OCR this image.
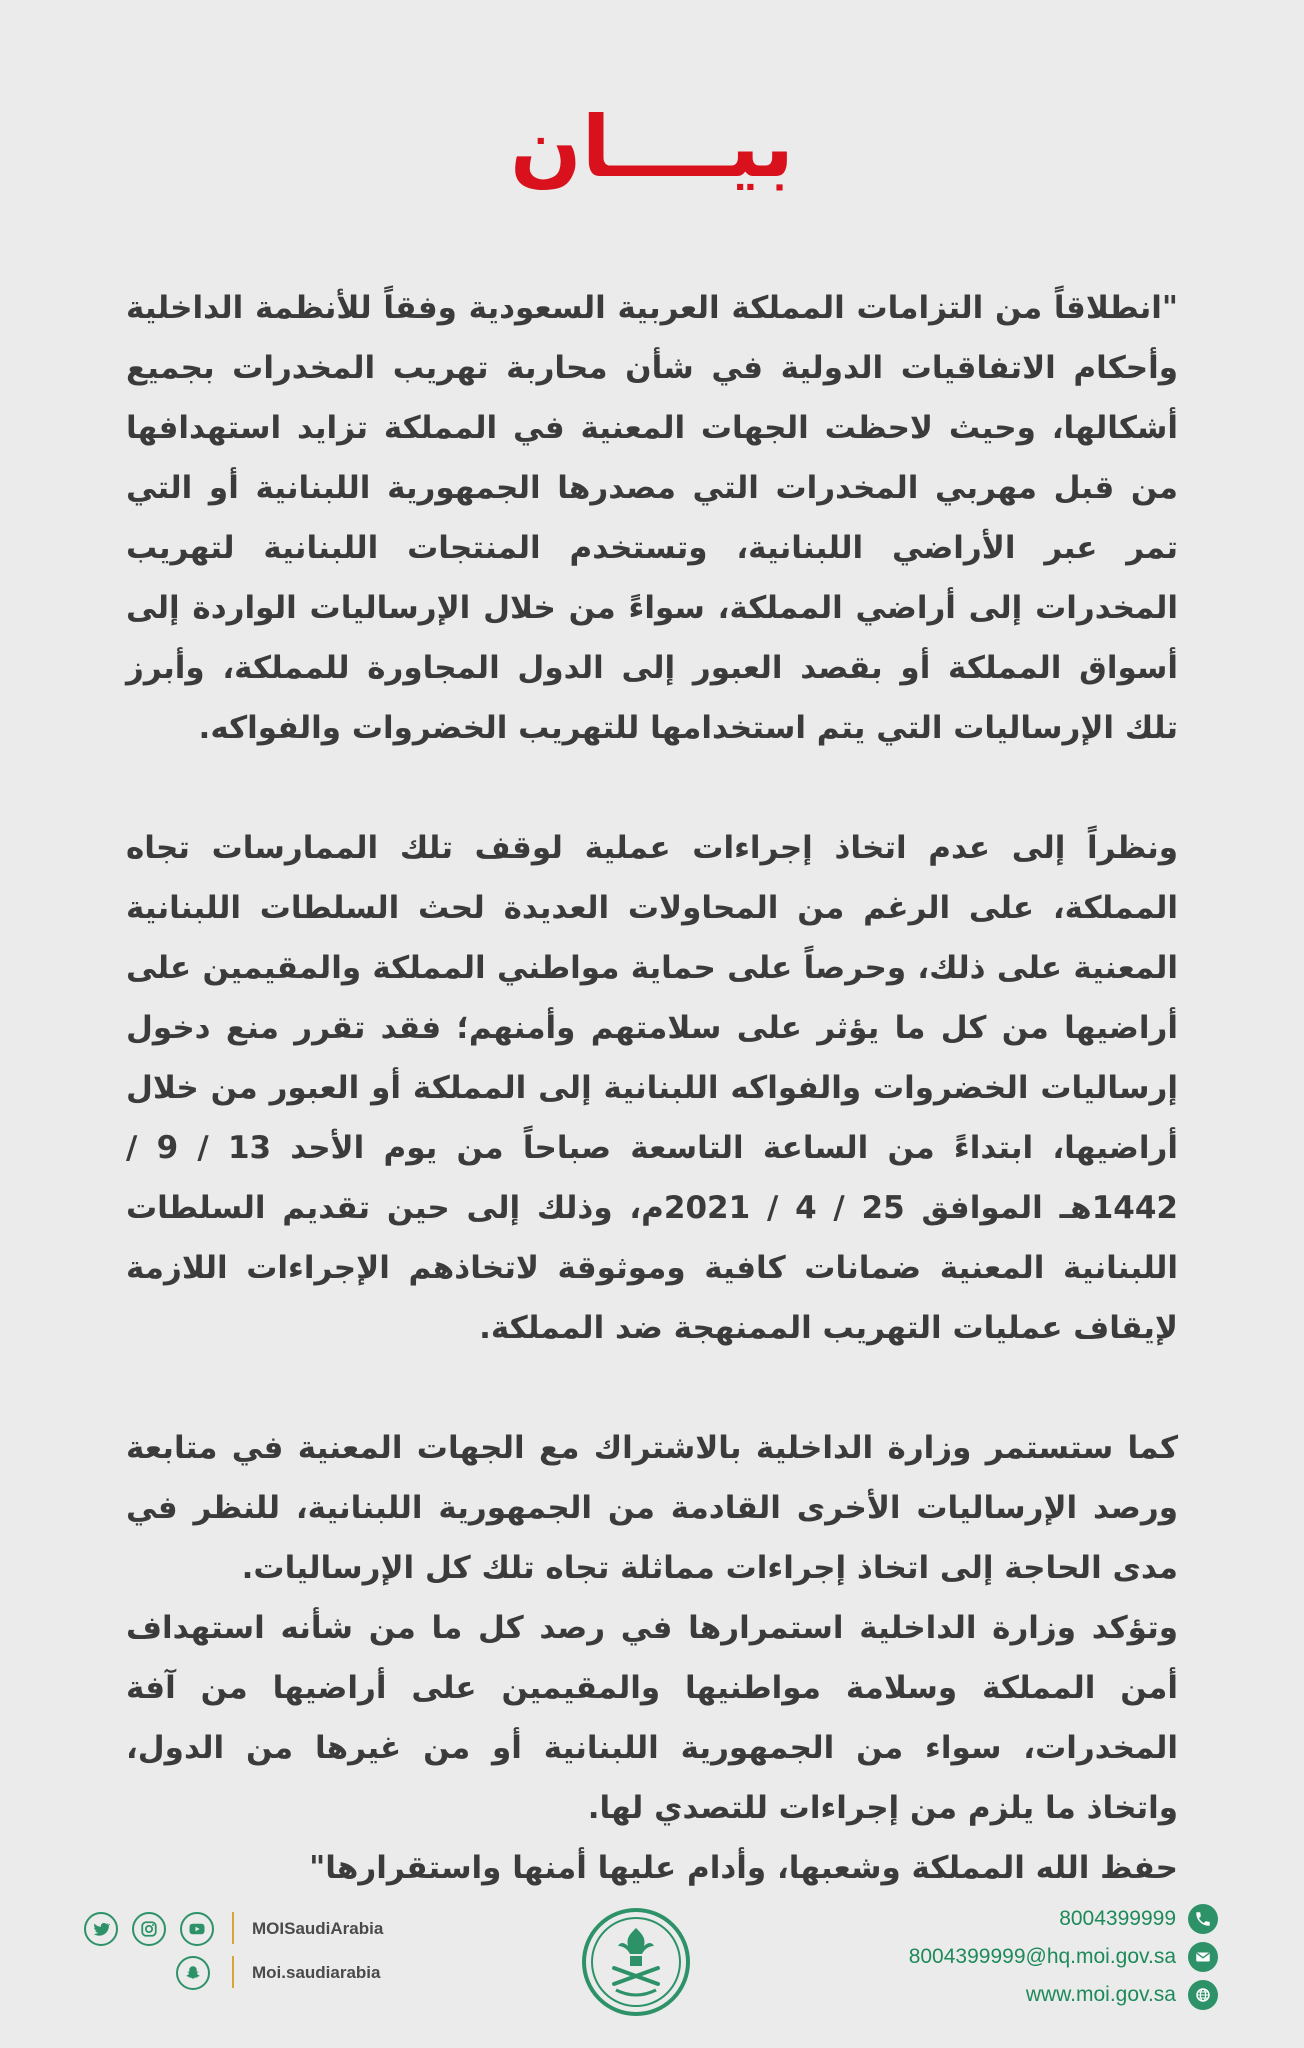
بيــــان

"انطلاقاً من التزامات المملكة العربية السعودية وفقاً للأنظمة الداخلية وأحكام الاتفاقيات الدولية في شأن محاربة تهريب المخدرات بجميع أشكالها، وحيث لاحظت الجهات المعنية في المملكة تزايد استهدافها من قبل مهربي المخدرات التي مصدرها الجمهورية اللبنانية أو التي تمر عبر الأراضي اللبنانية، وتستخدم المنتجات اللبنانية لتهريب المخدرات إلى أراضي المملكة، سواءً من خلال الإرساليات الواردة إلى أسواق المملكة أو بقصد العبور إلى الدول المجاورة للمملكة، وأبرز تلك الإرساليات التي يتم استخدامها للتهريب الخضروات والفواكه.

ونظراً إلى عدم اتخاذ إجراءات عملية لوقف تلك الممارسات تجاه المملكة، على الرغم من المحاولات العديدة لحث السلطات اللبنانية المعنية على ذلك، وحرصاً على حماية مواطني المملكة والمقيمين على أراضيها من كل ما يؤثر على سلامتهم وأمنهم؛ فقد تقرر منع دخول إرساليات الخضروات والفواكه اللبنانية إلى المملكة أو العبور من خلال أراضيها، ابتداءً من الساعة التاسعة صباحاً من يوم الأحد 13 / 9 / 1442هـ الموافق 25 / 4 / 2021م، وذلك إلى حين تقديم السلطات اللبنانية المعنية ضمانات كافية وموثوقة لاتخاذهم الإجراءات اللازمة لإيقاف عمليات التهريب الممنهجة ضد المملكة.

كما ستستمر وزارة الداخلية بالاشتراك مع الجهات المعنية في متابعة ورصد الإرساليات الأخرى القادمة من الجمهورية اللبنانية، للنظر في مدى الحاجة إلى اتخاذ إجراءات مماثلة تجاه تلك كل الإرساليات.

وتؤكد وزارة الداخلية استمرارها في رصد كل ما من شأنه استهداف أمن المملكة وسلامة مواطنيها والمقيمين على أراضيها من آفة المخدرات، سواء من الجمهورية اللبنانية أو من غيرها من الدول، واتخاذ ما يلزم من إجراءات للتصدي لها.

حفظ الله المملكة وشعبها، وأدام عليها أمنها واستقرارها"

MOISaudiArabia
Moi.saudiarabia
8004399999
8004399999@hq.moi.gov.sa
www.moi.gov.sa
